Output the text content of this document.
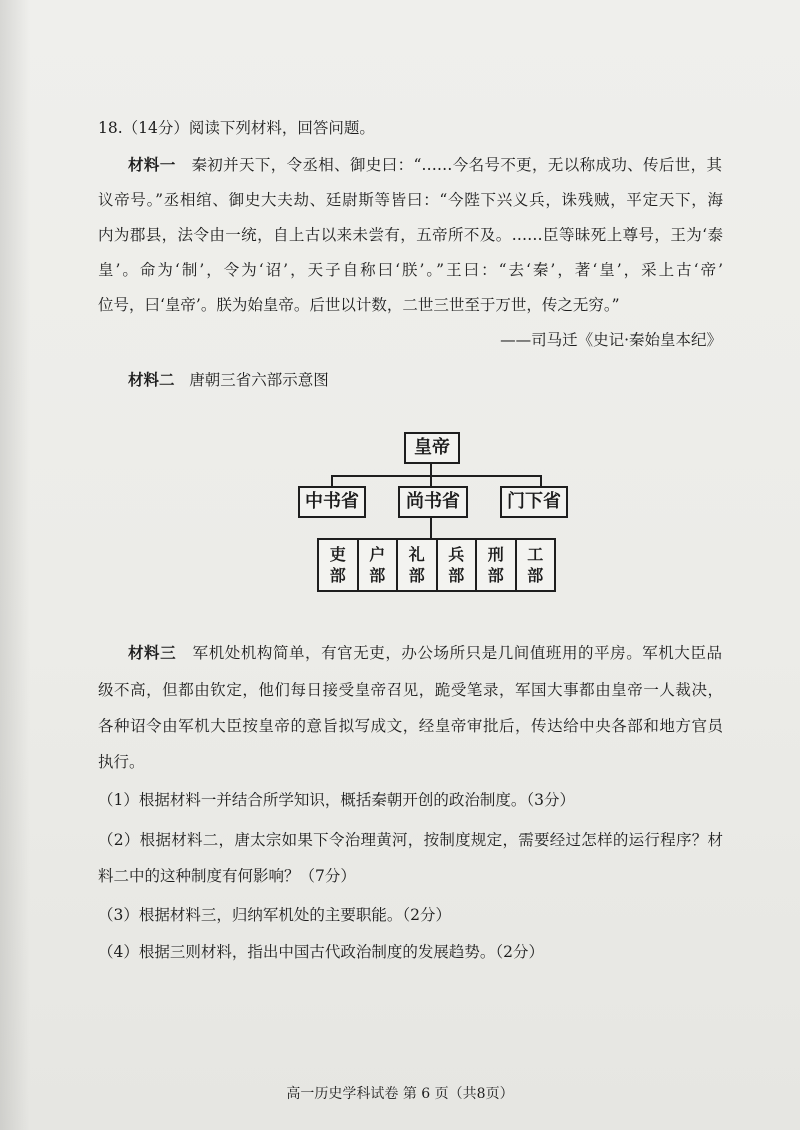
18.（14分）阅读下列材料，回答问题。
材料一 秦初并天下，令丞相、御史曰：“……今名号不更，无以称成功、传后世，其
议帝号。”丞相绾、御史大夫劫、廷尉斯等皆曰：“今陛下兴义兵，诛残贼，平定天下，海
内为郡县，法令由一统，自上古以来未尝有，五帝所不及。……臣等昧死上尊号，王为‘泰
皇’。命为‘制’，令为‘诏’，天子自称曰‘朕’。”王曰：“去‘秦’，著‘皇’，采上古‘帝’
位号，曰‘皇帝’。朕为始皇帝。后世以计数，二世三世至于万世，传之无穷。”
——司马迁《史记·秦始皇本纪》
材料二 唐朝三省六部示意图
皇帝
中书省	尚书省	门下省
吏
部
户
部
礼
部
兵
部
刑
部
工
部
材料三 军机处机构简单，有官无吏，办公场所只是几间值班用的平房。军机大臣品
级不高，但都由钦定，他们每日接受皇帝召见，跪受笔录，军国大事都由皇帝一人裁决，
各种诏令由军机大臣按皇帝的意旨拟写成文，经皇帝审批后，传达给中央各部和地方官员
执行。
（1）根据材料一并结合所学知识，概括秦朝开创的政治制度。（3分）
（2）根据材料二，唐太宗如果下令治理黄河，按制度规定，需要经过怎样的运行程序？材
料二中的这种制度有何影响？（7分）
（3）根据材料三，归纳军机处的主要职能。（2分）
（4）根据三则材料，指出中国古代政治制度的发展趋势。（2分）
高一历史学科试卷 第 6 页（共8页）
